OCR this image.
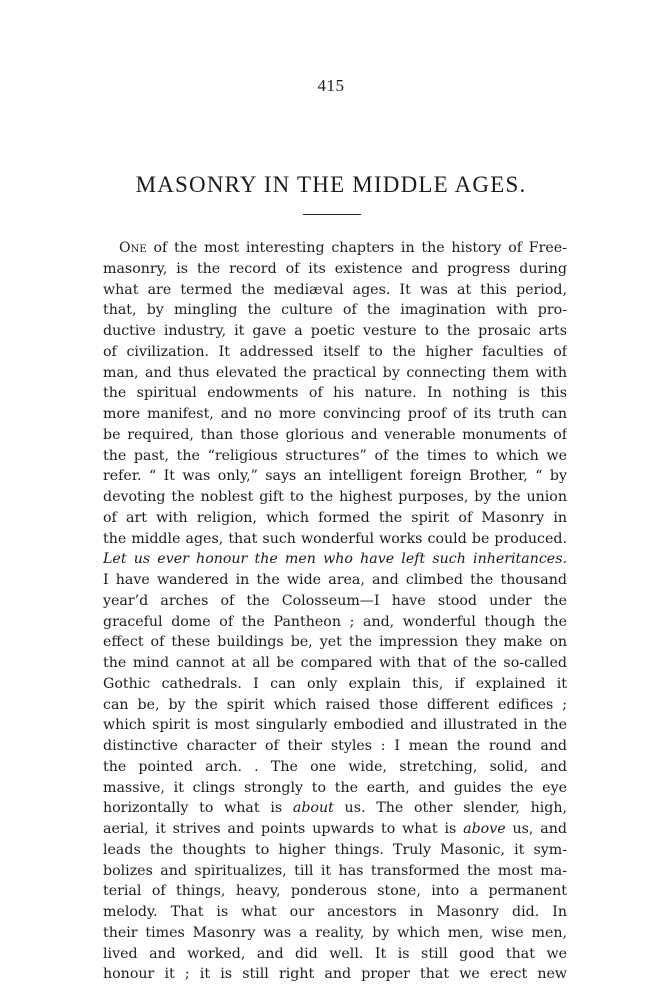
415
MASONRY IN THE MIDDLE AGES.
One of the most interesting chapters in the history of Free-
masonry, is the record of its existence and progress during
what are termed the mediæval ages. It was at this period,
that, by mingling the culture of the imagination with pro-
ductive industry, it gave a poetic vesture to the prosaic arts
of civilization. It addressed itself to the higher faculties of
man, and thus elevated the practical by connecting them with
the spiritual endowments of his nature. In nothing is this
more manifest, and no more convincing proof of its truth can
be required, than those glorious and venerable monuments of
the past, the “religious structures” of the times to which we
refer. “ It was only,” says an intelligent foreign Brother, “ by
devoting the noblest gift to the highest purposes, by the union
of art with religion, which formed the spirit of Masonry in
the middle ages, that such wonderful works could be produced.
Let us ever honour the men who have left such inheritances.
I have wandered in the wide area, and climbed the thousand
year’d arches of the Colosseum—I have stood under the
graceful dome of the Pantheon ; and, wonderful though the
effect of these buildings be, yet the impression they make on
the mind cannot at all be compared with that of the so-called
Gothic cathedrals. I can only explain this, if explained it
can be, by the spirit which raised those different edifices ;
which spirit is most singularly embodied and illustrated in the
distinctive character of their styles : I mean the round and
the pointed arch. . The one wide, stretching, solid, and
massive, it clings strongly to the earth, and guides the eye
horizontally to what is about us. The other slender, high,
aerial, it strives and points upwards to what is above us, and
leads the thoughts to higher things. Truly Masonic, it sym-
bolizes and spiritualizes, till it has transformed the most ma-
terial of things, heavy, ponderous stone, into a permanent
melody. That is what our ancestors in Masonry did. In
their times Masonry was a reality, by which men, wise men,
lived and worked, and did well. It is still good that we
honour it ; it is still right and proper that we erect new
